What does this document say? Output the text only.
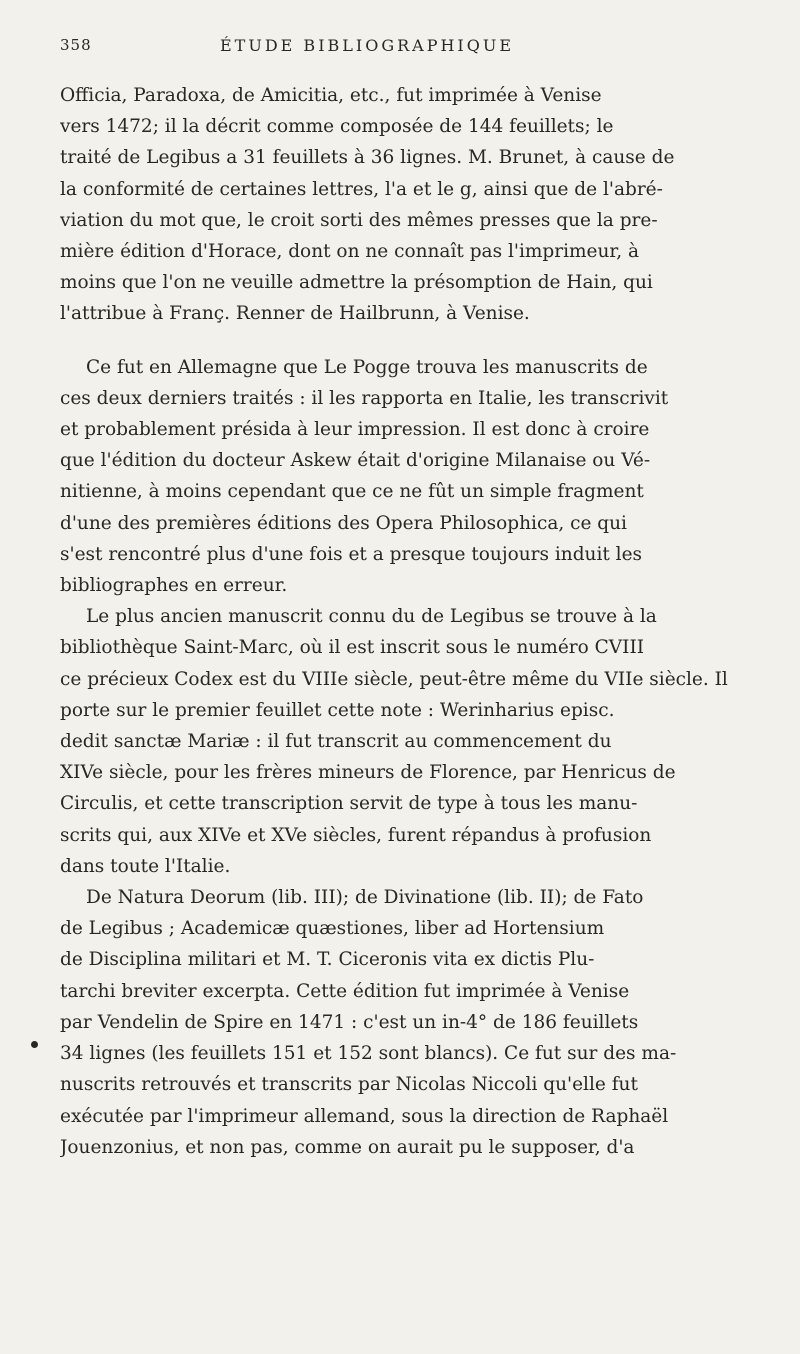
358	ÉTUDE BIBLIOGRAPHIQUE

Officia, Paradoxa, de Amicitia, etc., fut imprimée à Venise
vers 1472; il la décrit comme composée de 144 feuillets; le
traité de Legibus a 31 feuillets à 36 lignes. M. Brunet, à cause de
la conformité de certaines lettres, l'a et le g, ainsi que de l'abré-
viation du mot que, le croit sorti des mêmes presses que la pre-
mière édition d'Horace, dont on ne connaît pas l'imprimeur, à
moins que l'on ne veuille admettre la présomption de Hain, qui
l'attribue à Franç. Renner de Hailbrunn, à Venise.

Ce fut en Allemagne que Le Pogge trouva les manuscrits de
ces deux derniers traités : il les rapporta en Italie, les transcrivit
et probablement présida à leur impression. Il est donc à croire
que l'édition du docteur Askew était d'origine Milanaise ou Vé-
nitienne, à moins cependant que ce ne fût un simple fragment
d'une des premières éditions des Opera Philosophica, ce qui
s'est rencontré plus d'une fois et a presque toujours induit les
bibliographes en erreur.

Le plus ancien manuscrit connu du de Legibus se trouve à la
bibliothèque Saint-Marc, où il est inscrit sous le numéro CVIII
ce précieux Codex est du VIIIe siècle, peut-être même du VIIe siècle. Il
porte sur le premier feuillet cette note : Werinharius episc.
dedit sanctæ Mariæ : il fut transcrit au commencement du
XIVe siècle, pour les frères mineurs de Florence, par Henricus de
Circulis, et cette transcription servit de type à tous les manu-
scrits qui, aux XIVe et XVe siècles, furent répandus à profusion
dans toute l'Italie.

De Natura Deorum (lib. III); de Divinatione (lib. II); de Fato
de Legibus ; Academicæ quæstiones, liber ad Hortensium
de Disciplina militari et M. T. Ciceronis vita ex dictis Plu-
tarchi breviter excerpta. Cette édition fut imprimée à Venise
par Vendelin de Spire en 1471 : c'est un in-4° de 186 feuillets
34 lignes (les feuillets 151 et 152 sont blancs). Ce fut sur des ma-
nuscrits retrouvés et transcrits par Nicolas Niccoli qu'elle fut
exécutée par l'imprimeur allemand, sous la direction de Raphaël
Jouenzonius, et non pas, comme on aurait pu le supposer, d'a
